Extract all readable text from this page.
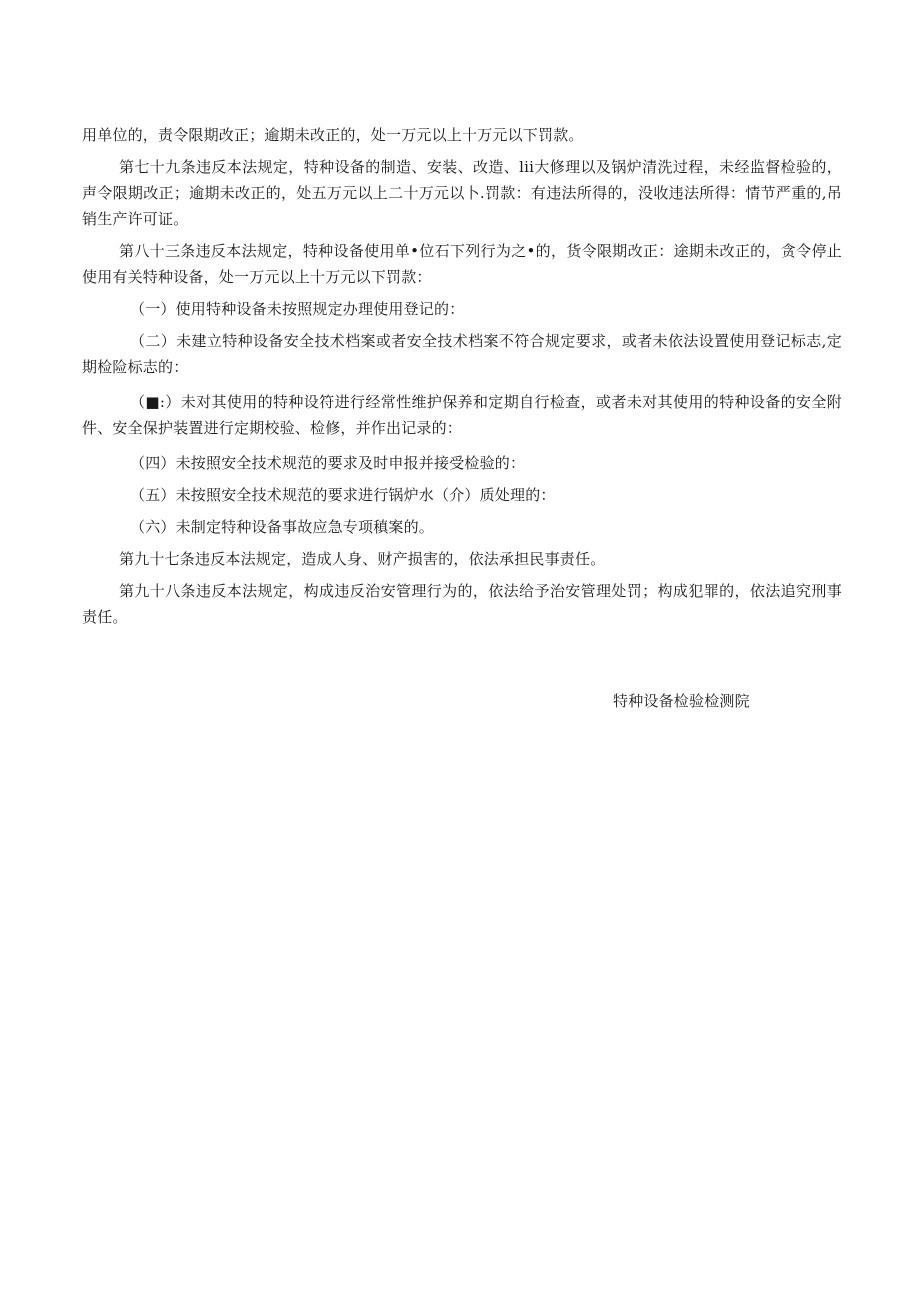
用单位的，责令限期改正；逾期未改正的，处一万元以上十万元以下罚款。

第七十九条违反本法规定，特种设备的制造、安装、改造、lii大修理以及锅炉清洗过程，未经监督检验的，声令限期改正；逾期未改正的，处五万元以上二十万元以卜.罚款：有违法所得的，没收违法所得：情节严重的,吊销生产许可证。

第八十三条违反本法规定，特种设备使用单•位石下列行为之•的，货令限期改正：途期未改正的，贪令停止使用有关特种设备，处一万元以上十万元以下罚款：

（一）使用特种设备未按照规定办理使用登记的：

（二）未建立特种设备安全技术档案或者安全技术档案不符合规定要求，或者未依法设置使用登记标志,定期检险标志的：

（■:）未对其使用的特种设符进行经常性维护保养和定期自行检查，或者未对其使用的特种设备的安全附件、安全保护装置进行定期校验、检修，并作出记录的：

（四）未按照安全技术规范的要求及时申报并接受检验的：

（五）未按照安全技术规范的要求进行锅炉水（介）质处理的：

（六）未制定特种设备事故应急专项稹案的。

第九十七条违反本法规定，造成人身、财产损害的，依法承担民事责任。

第九十八条违反本法规定，构成违反治安管理行为的，依法给予治安管理处罚；构成犯罪的，依法追究刑事责任。

特种设备检验检测院
